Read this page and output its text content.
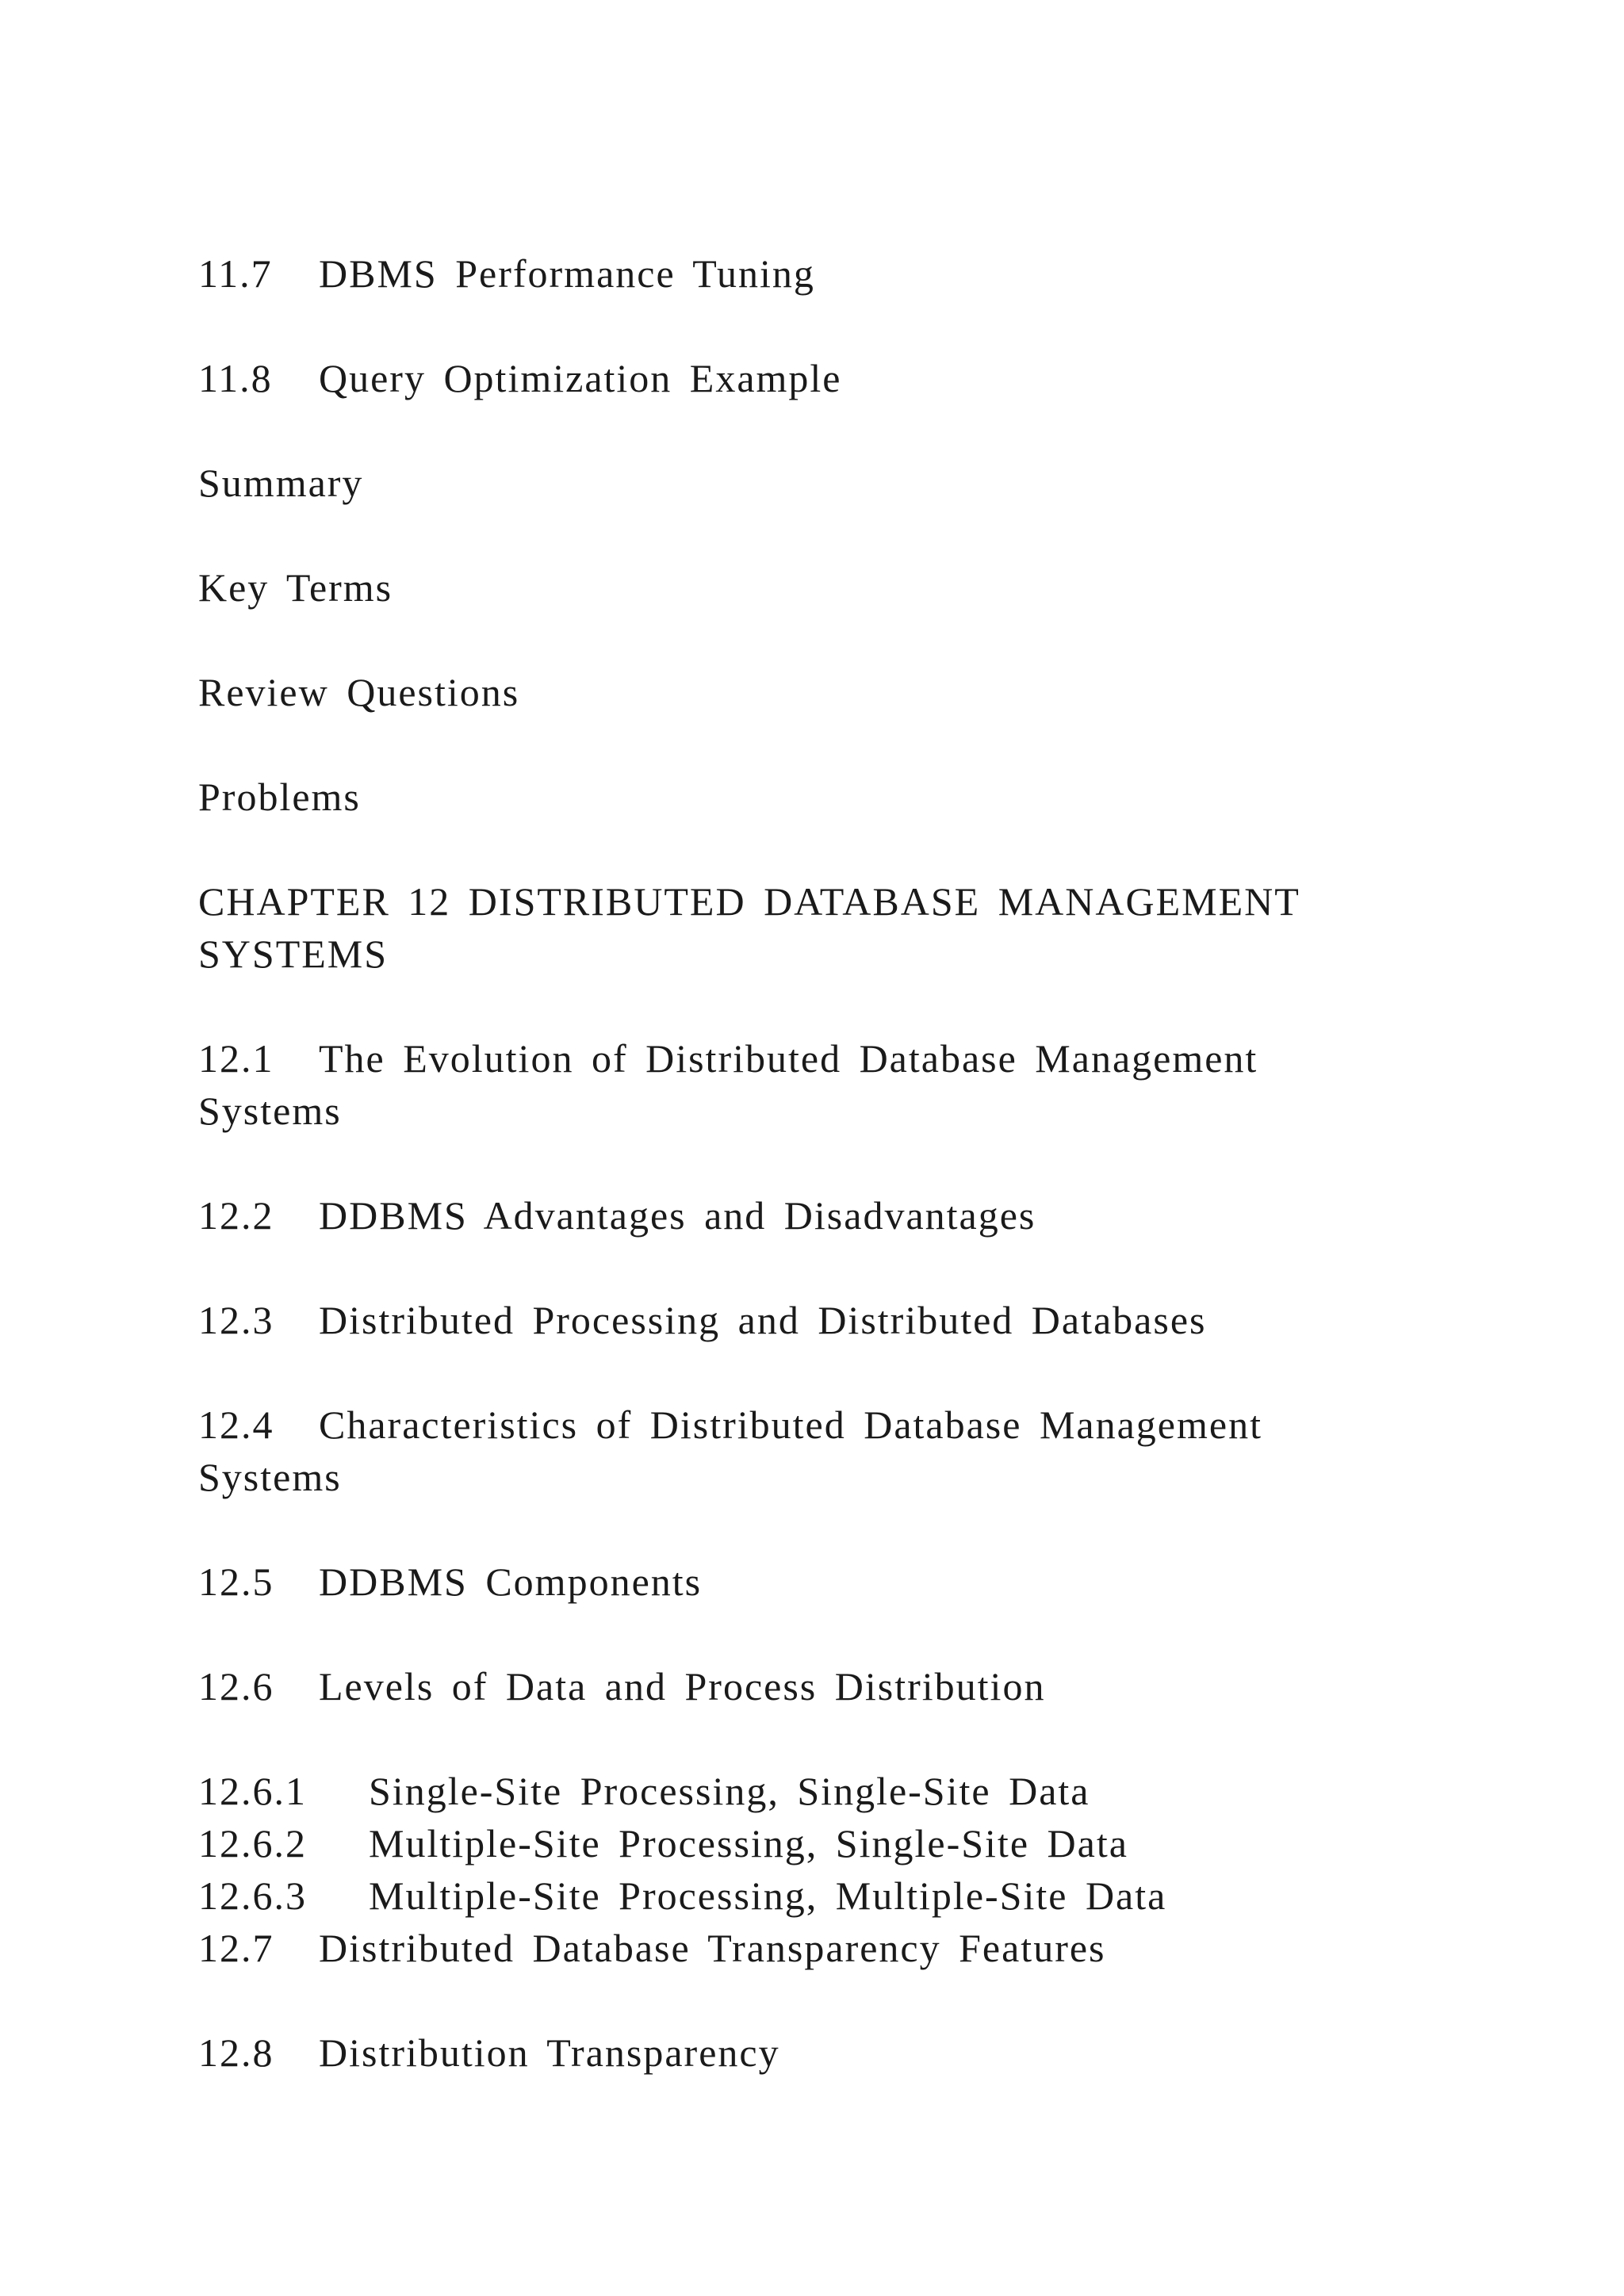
11.7 DBMS Performance Tuning
11.8 Query Optimization Example
Summary
Key Terms
Review Questions
Problems
CHAPTER 12 DISTRIBUTED DATABASE MANAGEMENT SYSTEMS
12.1 The Evolution of Distributed Database Management Systems
12.2 DDBMS Advantages and Disadvantages
12.3 Distributed Processing and Distributed Databases
12.4 Characteristics of Distributed Database Management Systems
12.5 DDBMS Components
12.6 Levels of Data and Process Distribution
12.6.1 Single-Site Processing, Single-Site Data
12.6.2 Multiple-Site Processing, Single-Site Data
12.6.3 Multiple-Site Processing, Multiple-Site Data
12.7 Distributed Database Transparency Features
12.8 Distribution Transparency
